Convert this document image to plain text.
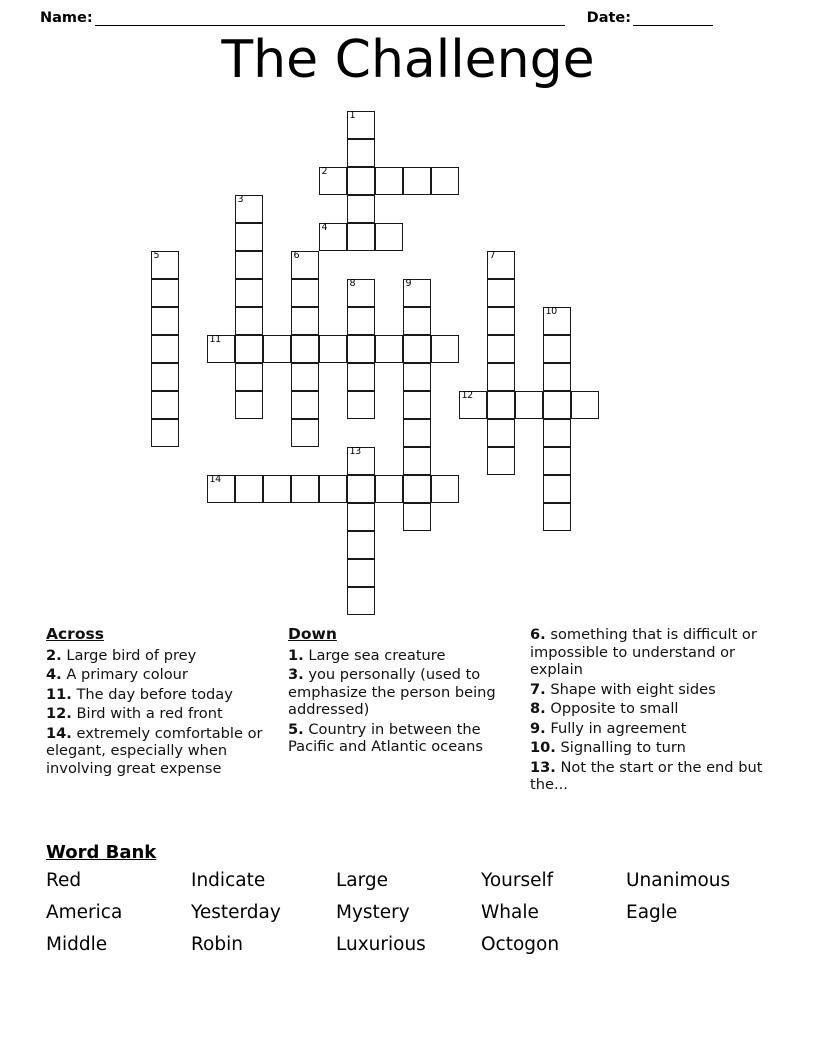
Name:	Date:
The Challenge
1
2
3
4
5	6	7
8	9
10
11
12
13
14
Across
2. Large bird of prey
4. A primary colour
11. The day before today
12. Bird with a red front
14. extremely comfortable or elegant, especially when involving great expense
Down
1. Large sea creature
3. you personally (used to emphasize the person being addressed)
5. Country in between the Pacific and Atlantic oceans
6. something that is difficult or impossible to understand or explain
7. Shape with eight sides
8. Opposite to small
9. Fully in agreement
10. Signalling to turn
13. Not the start or the end but the...
Word Bank
Red	Indicate	Large	Yourself	Unanimous
America	Yesterday	Mystery	Whale	Eagle
Middle	Robin	Luxurious	Octogon
